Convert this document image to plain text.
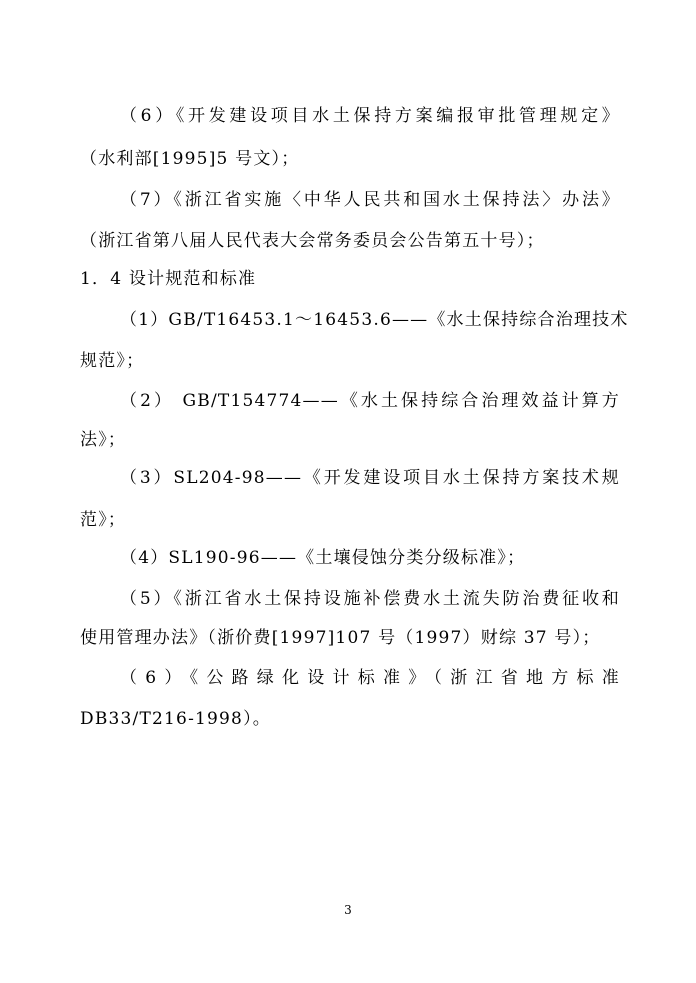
（6）《开发建设项目水土保持方案编报审批管理规定》
（水利部[1995]5 号文）；
（7）《浙江省实施〈中华人民共和国水土保持法〉办法》
（浙江省第八届人民代表大会常务委员会公告第五十号）；
1．4 设计规范和标准
（1）GB/T16453.1～16453.6——《水土保持综合治理技术
规范》；
（2） GB/T154774——《水土保持综合治理效益计算方
法》；
（3）SL204-98——《开发建设项目水土保持方案技术规
范》；
（4）SL190-96——《土壤侵蚀分类分级标准》；
（5）《浙江省水土保持设施补偿费水土流失防治费征收和
使用管理办法》（浙价费[1997]107 号（1997）财综 37 号）；
（6）《公路绿化设计标准》（浙江省地方标准
DB33/T216-1998）。
3
